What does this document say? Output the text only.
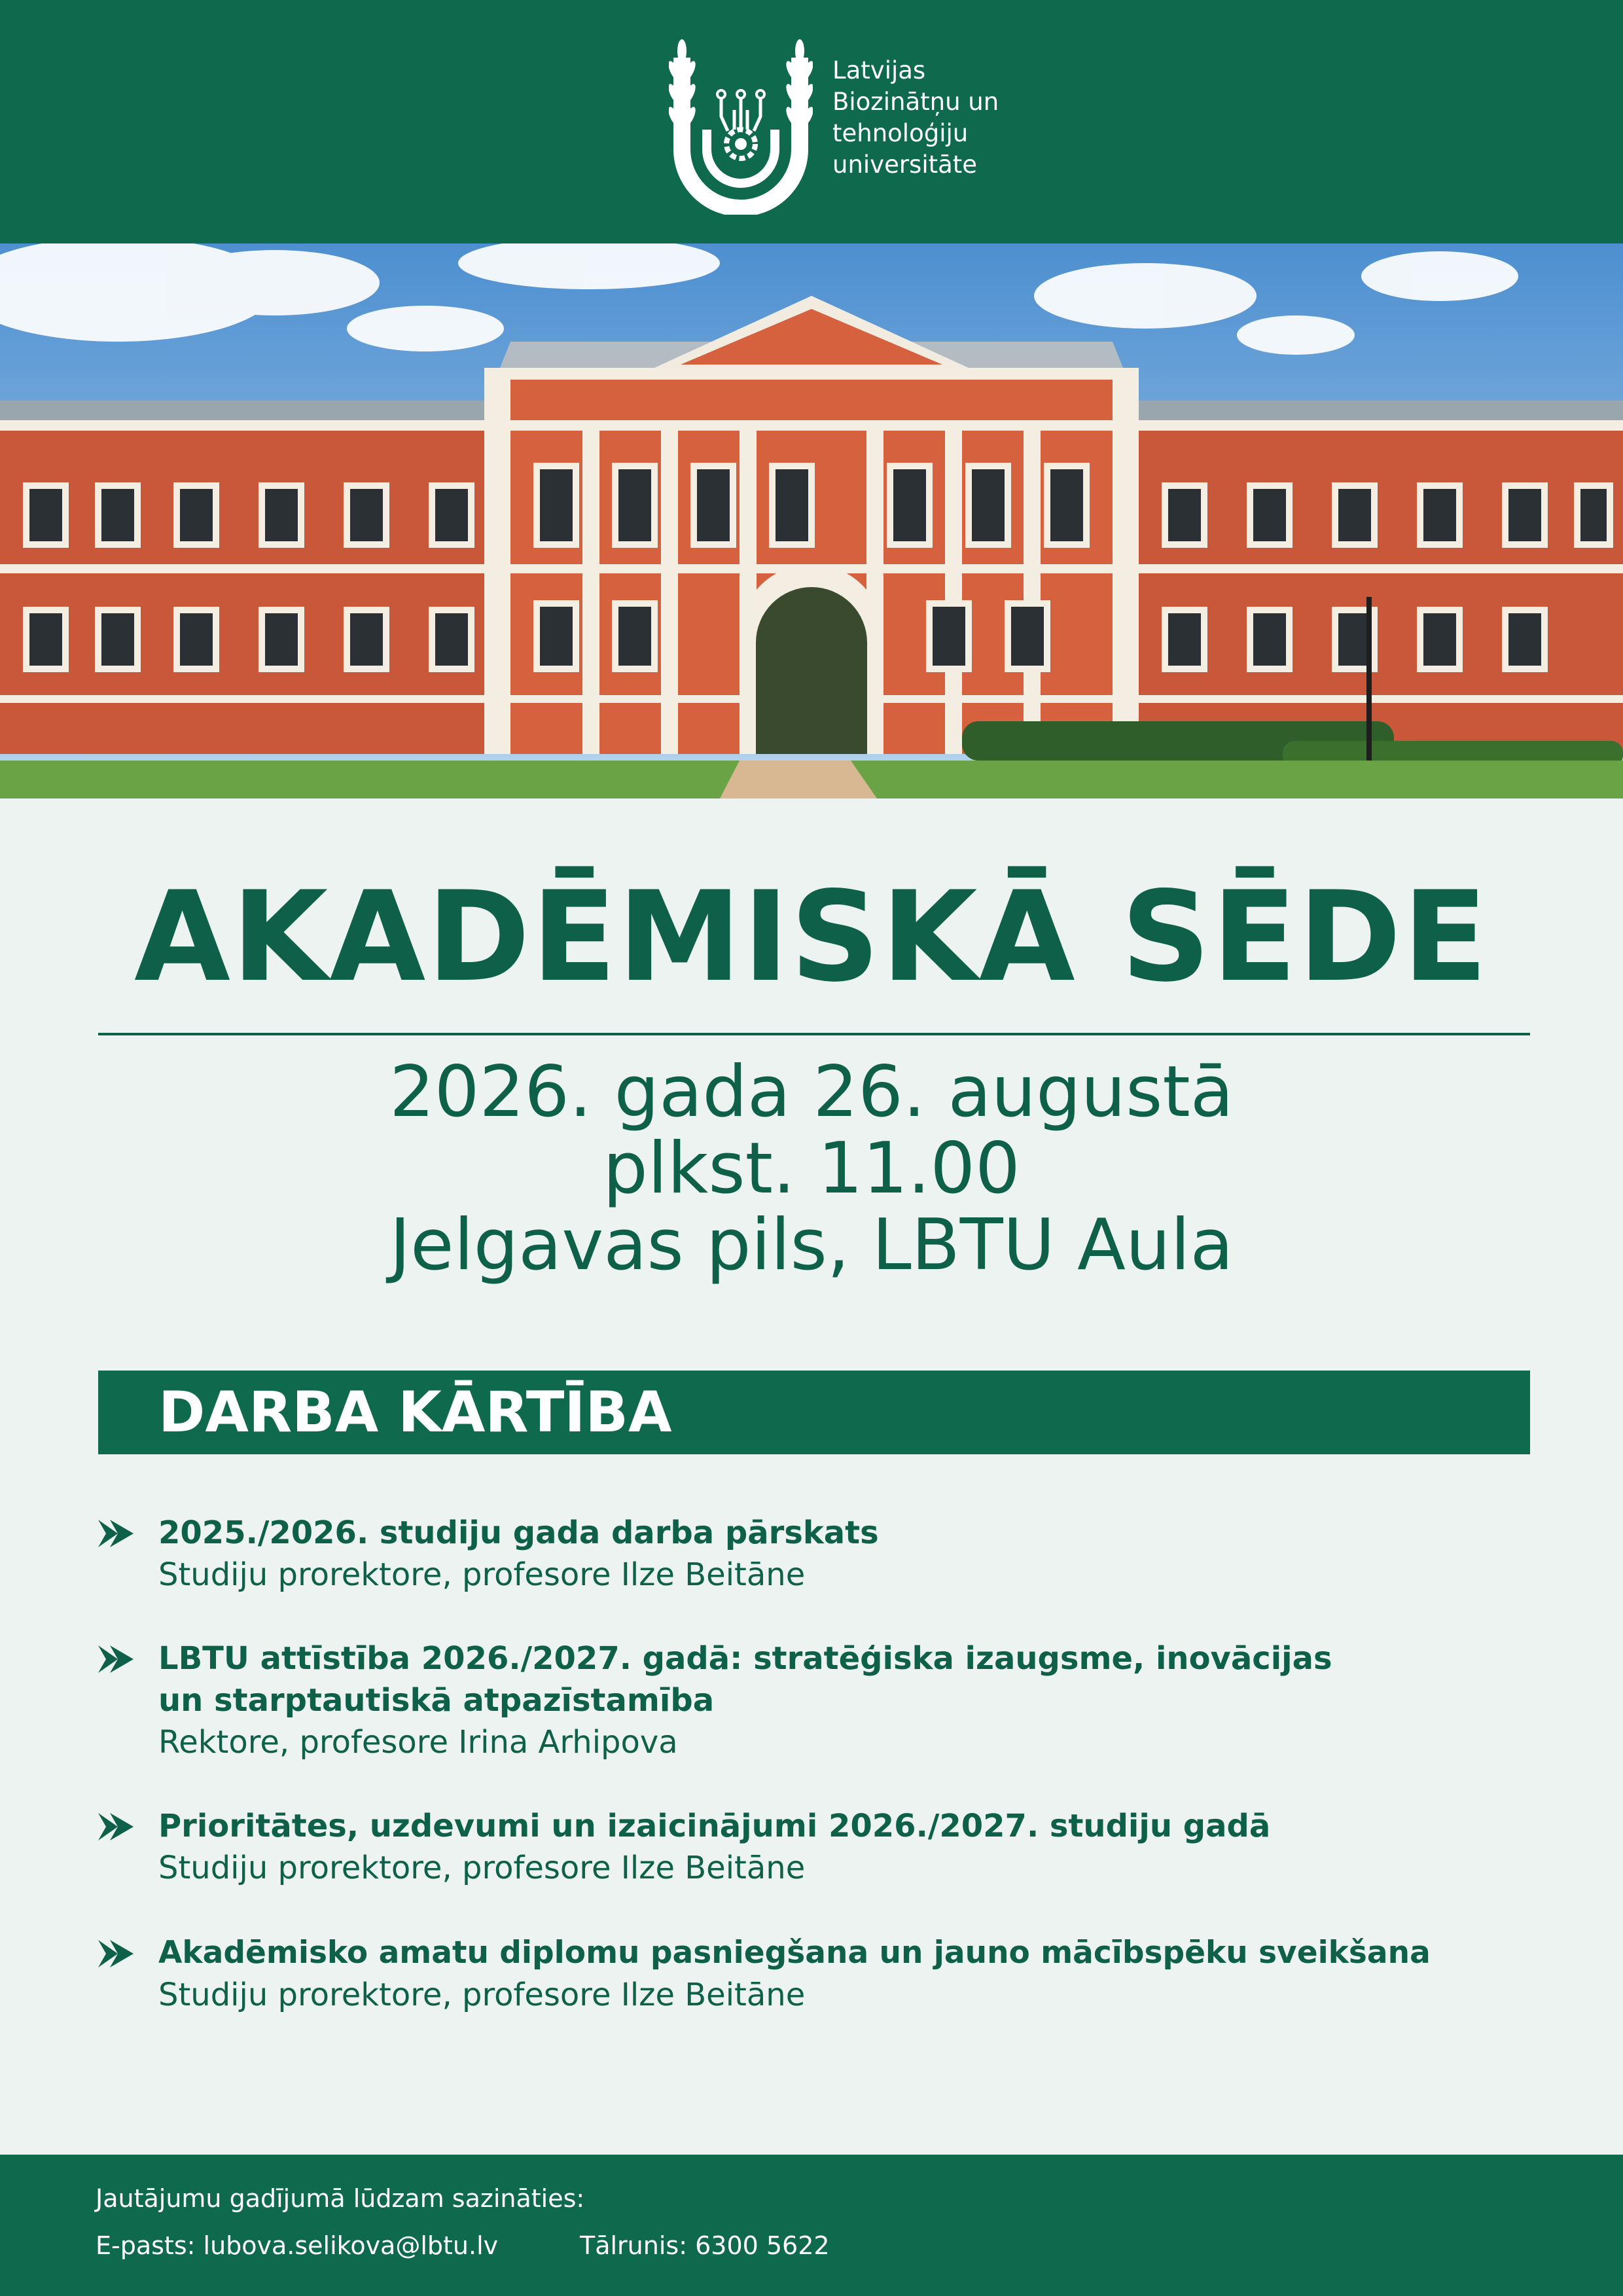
Latvijas
Biozinātņu un
tehnoloģiju
universitāte
AKADĒMISKĀ SĒDE
2026. gada 26. augustā
plkst. 11.00
Jelgavas pils, LBTU Aula
DARBA KĀRTĪBA
2025./2026. studiju gada darba pārskats
Studiju prorektore, profesore Ilze Beitāne
LBTU attīstība 2026./2027. gadā: stratēģiska izaugsme, inovācijas
un starptautiskā atpazīstamība
Rektore, profesore Irina Arhipova
Prioritātes, uzdevumi un izaicinājumi 2026./2027. studiju gadā
Studiju prorektore, profesore Ilze Beitāne
Akadēmisko amatu diplomu pasniegšana un jauno mācībspēku sveikšana
Studiju prorektore, profesore Ilze Beitāne
Jautājumu gadījumā lūdzam sazināties:
E-pasts: lubova.selikova@lbtu.lv	Tālrunis: 6300 5622
